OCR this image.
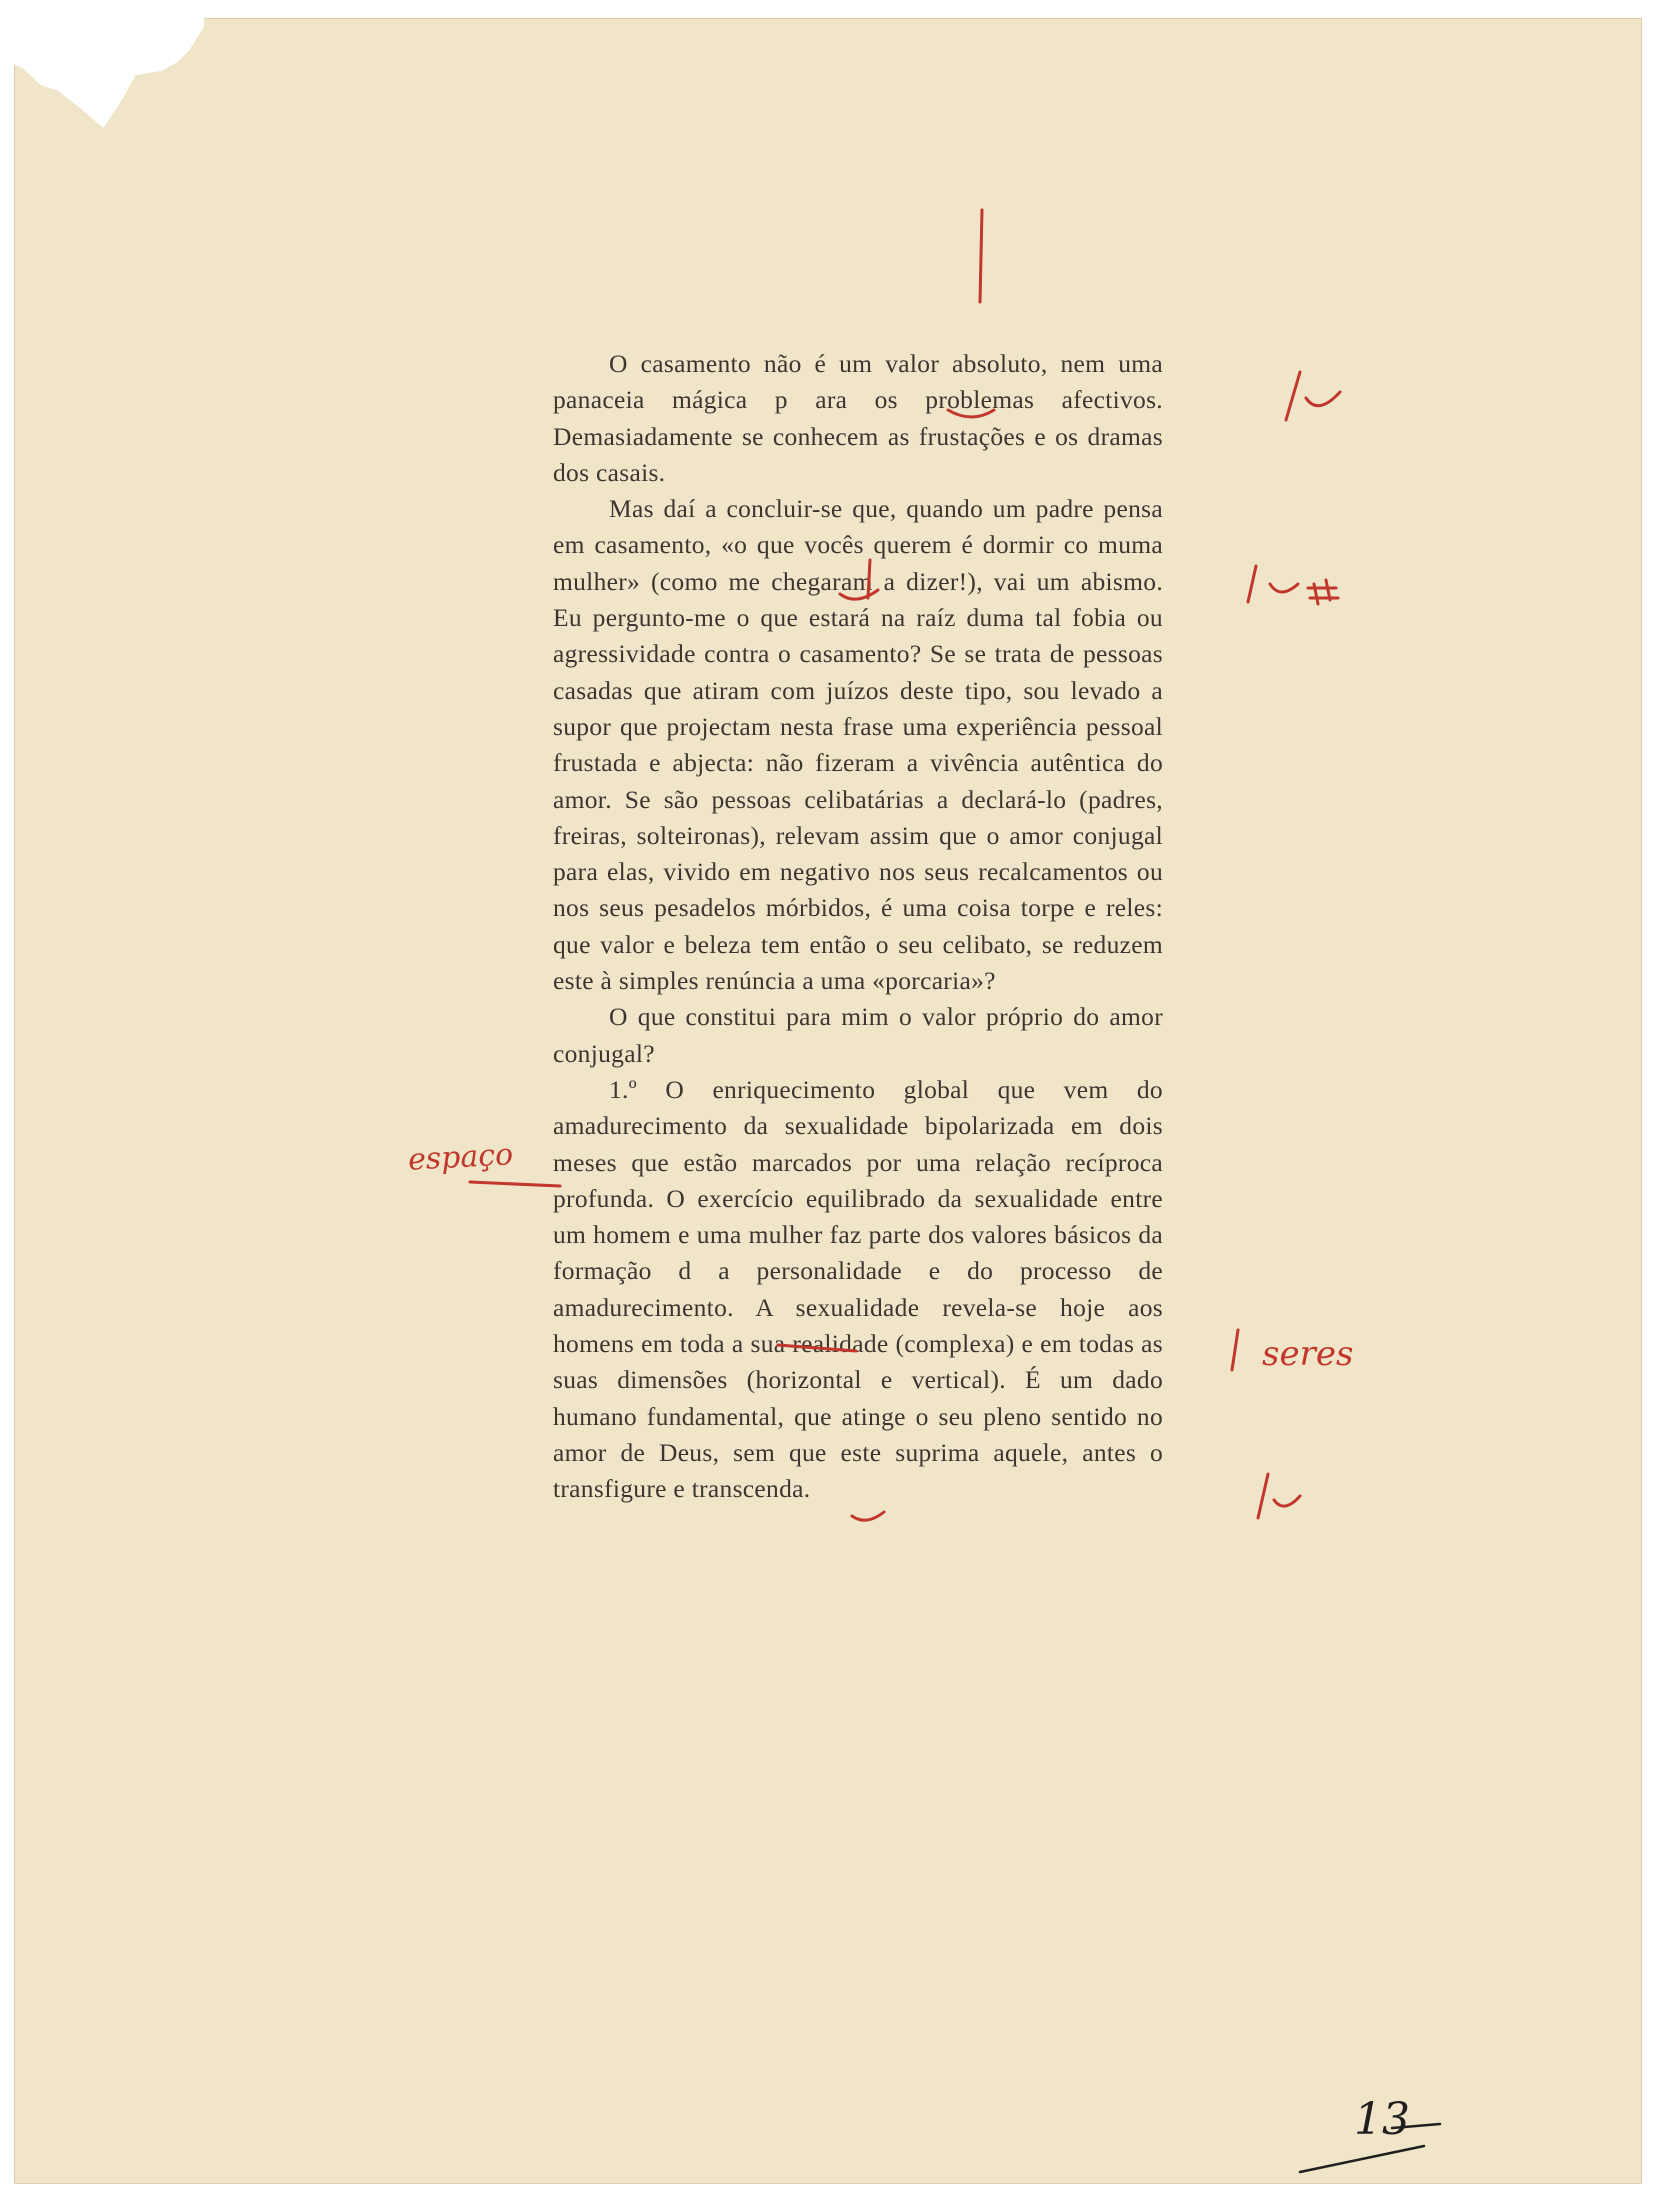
O casamento não é um valor absoluto, nem uma panaceia mágica p ara os problemas afectivos. Demasiadamente se conhecem as frustações e os dramas dos casais.

Mas daí a concluir-se que, quando um padre pensa em casamento, «o que vocês querem é dormir co muma mulher» (como me chegaram a dizer!), vai um abismo. Eu pergunto-me o que estará na raíz duma tal fobia ou agressividade contra o casamento? Se se trata de pessoas casadas que atiram com juízos deste tipo, sou levado a supor que projectam nesta frase uma experiência pessoal frustada e abjecta: não fizeram a vivência autêntica do amor. Se são pessoas celibatárias a declará-lo (padres, freiras, solteironas), relevam assim que o amor conjugal para elas, vivido em negativo nos seus recalcamentos ou nos seus pesadelos mórbidos, é uma coisa torpe e reles: que valor e beleza tem então o seu celibato, se reduzem este à simples renúncia a uma «porcaria»?

O que constitui para mim o valor próprio do amor conjugal?

1.º O enriquecimento global que vem do amadurecimento da sexualidade bipolarizada em dois meses que estão marcados por uma relação recíproca profunda. O exercício equilibrado da sexualidade entre um homem e uma mulher faz parte dos valores básicos da formação d a personalidade e do processo de amadurecimento. A sexualidade revela-se hoje aos homens em toda a sua realidade (complexa) e em todas as suas dimensões (horizontal e vertical). É um dado humano fundamental, que atinge o seu pleno sentido no amor de Deus, sem que este suprima aquele, antes o transfigure e transcenda.

espaço
seres
13
